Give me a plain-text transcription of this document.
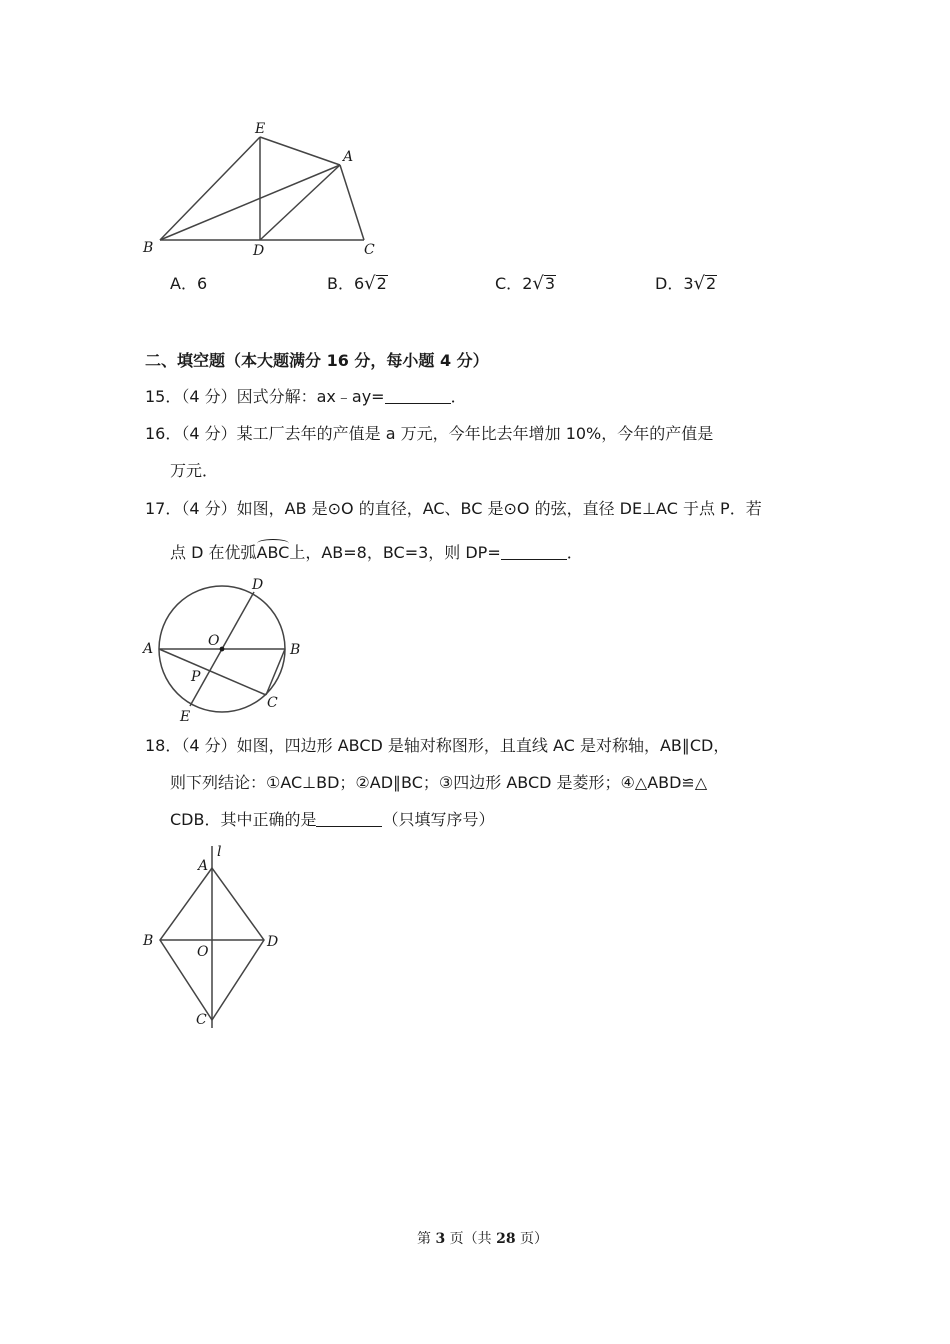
E
A
B	D	C
A．6	B．6√2	C．2√3	D．3√2
二、填空题（本大题满分 16 分，每小题 4 分）
15．（4 分）因式分解：ax﹣ay=	．
16．（4 分）某工厂去年的产值是 a 万元，今年比去年增加 10%，今年的产值是
万元．
17．（4 分）如图，AB 是⊙O 的直径，AC、BC 是⊙O 的弦，直径 DE⊥AC 于点 P．若
点 D 在优弧ABC上，AB=8，BC=3，则 DP=	．
D
O
A	B
P
C
E
18．（4 分）如图，四边形 ABCD 是轴对称图形，且直线 AC 是对称轴，AB∥CD，
则下列结论：①AC⊥BD；②AD∥BC；③四边形 ABCD 是菱形；④△ABD≌△
CDB．其中正确的是	（只填写序号）
A
l
B
O
D
C
第 3 页（共 28 页）
